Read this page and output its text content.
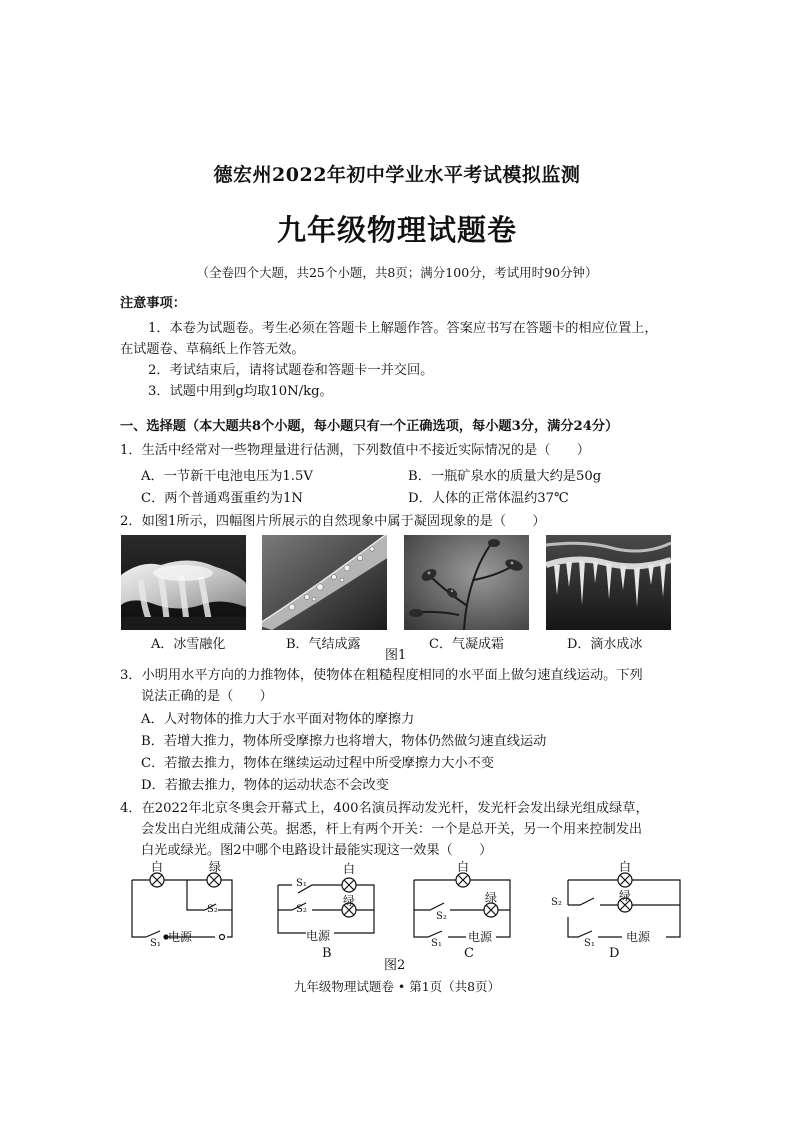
德宏州2022年初中学业水平考试模拟监测
九年级物理试题卷
（全卷四个大题，共25个小题，共8页；满分100分，考试用时90分钟）
注意事项：
1．本卷为试题卷。考生必须在答题卡上解题作答。答案应书写在答题卡的相应位置上，
在试题卷、草稿纸上作答无效。
2．考试结束后，请将试题卷和答题卡一并交回。
3．试题中用到g均取10N/kg。
一、选择题（本大题共8个小题，每小题只有一个正确选项，每小题3分，满分24分）
1．生活中经常对一些物理量进行估测，下列数值中不接近实际情况的是（　　）
A．一节新干电池电压为1.5V	B．一瓶矿泉水的质量大约是50g
C．两个普通鸡蛋重约为1N	D．人体的正常体温约37℃
2．如图1所示，四幅图片所展示的自然现象中属于凝固现象的是（　　）
A．冰雪融化	B．气结成露
图1
C．气凝成霜	D．滴水成冰
3．小明用水平方向的力推物体，使物体在粗糙程度相同的水平面上做匀速直线运动。下列
说法正确的是（　　）
A．人对物体的推力大于水平面对物体的摩擦力
B．若增大推力，物体所受摩擦力也将增大，物体仍然做匀速直线运动
C．若撤去推力，物体在继续运动过程中所受摩擦力大小不变
D．若撤去推力，物体的运动状态不会改变
4．在2022年北京冬奥会开幕式上，400名演员挥动发光杆，发光杆会发出绿光组成绿草，
会发出白光组成蒲公英。据悉，杆上有两个开关：一个是总开关，另一个用来控制发出
白光或绿光。图2中哪个电路设计最能实现这一效果（　　）
白	绿
S₂
S₁ 电源
白
绿
S₁
S₂
电源
B
白
绿
S₂
S₁ 电源
C
白
绿
S₂
S₁	电源
D
图2
九年级物理试题卷 • 第1页（共8页）
